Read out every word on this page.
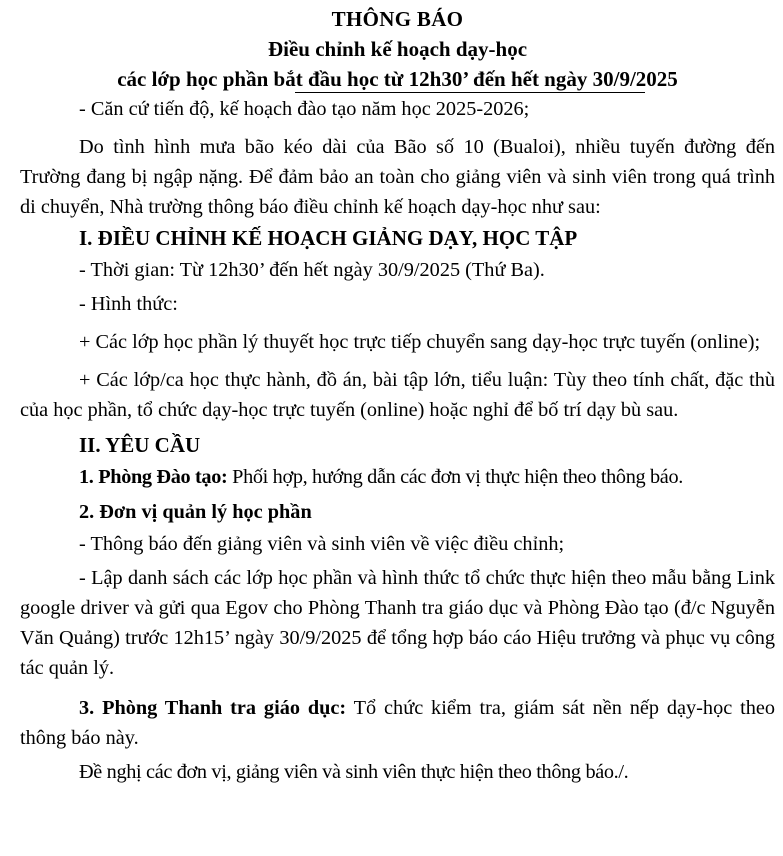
THÔNG BÁO
Điều chỉnh kế hoạch dạy-học
các lớp học phần bắt đầu học từ 12h30’ đến hết ngày 30/9/2025

- Căn cứ tiến độ, kế hoạch đào tạo năm học 2025-2026;

Do tình hình mưa bão kéo dài của Bão số 10 (Bualoi), nhiều tuyến đường đến Trường đang bị ngập nặng. Để đảm bảo an toàn cho giảng viên và sinh viên trong quá trình di chuyển, Nhà trường thông báo điều chỉnh kế hoạch dạy-học như sau:

I. ĐIỀU CHỈNH KẾ HOẠCH GIẢNG DẠY, HỌC TẬP

- Thời gian: Từ 12h30’ đến hết ngày 30/9/2025 (Thứ Ba).

- Hình thức:

+ Các lớp học phần lý thuyết học trực tiếp chuyển sang dạy-học trực tuyến (online);

+ Các lớp/ca học thực hành, đồ án, bài tập lớn, tiểu luận: Tùy theo tính chất, đặc thù của học phần, tổ chức dạy-học trực tuyến (online) hoặc nghỉ để bố trí dạy bù sau.

II. YÊU CẦU

1. Phòng Đào tạo: Phối hợp, hướng dẫn các đơn vị thực hiện theo thông báo.

2. Đơn vị quản lý học phần

- Thông báo đến giảng viên và sinh viên về việc điều chỉnh;

- Lập danh sách các lớp học phần và hình thức tổ chức thực hiện theo mẫu bằng Link google driver và gửi qua Egov cho Phòng Thanh tra giáo dục và Phòng Đào tạo (đ/c Nguyễn Văn Quảng) trước 12h15’ ngày 30/9/2025 để tổng hợp báo cáo Hiệu trưởng và phục vụ công tác quản lý.

3. Phòng Thanh tra giáo dục: Tổ chức kiểm tra, giám sát nền nếp dạy-học theo thông báo này.

Đề nghị các đơn vị, giảng viên và sinh viên thực hiện theo thông báo./.
